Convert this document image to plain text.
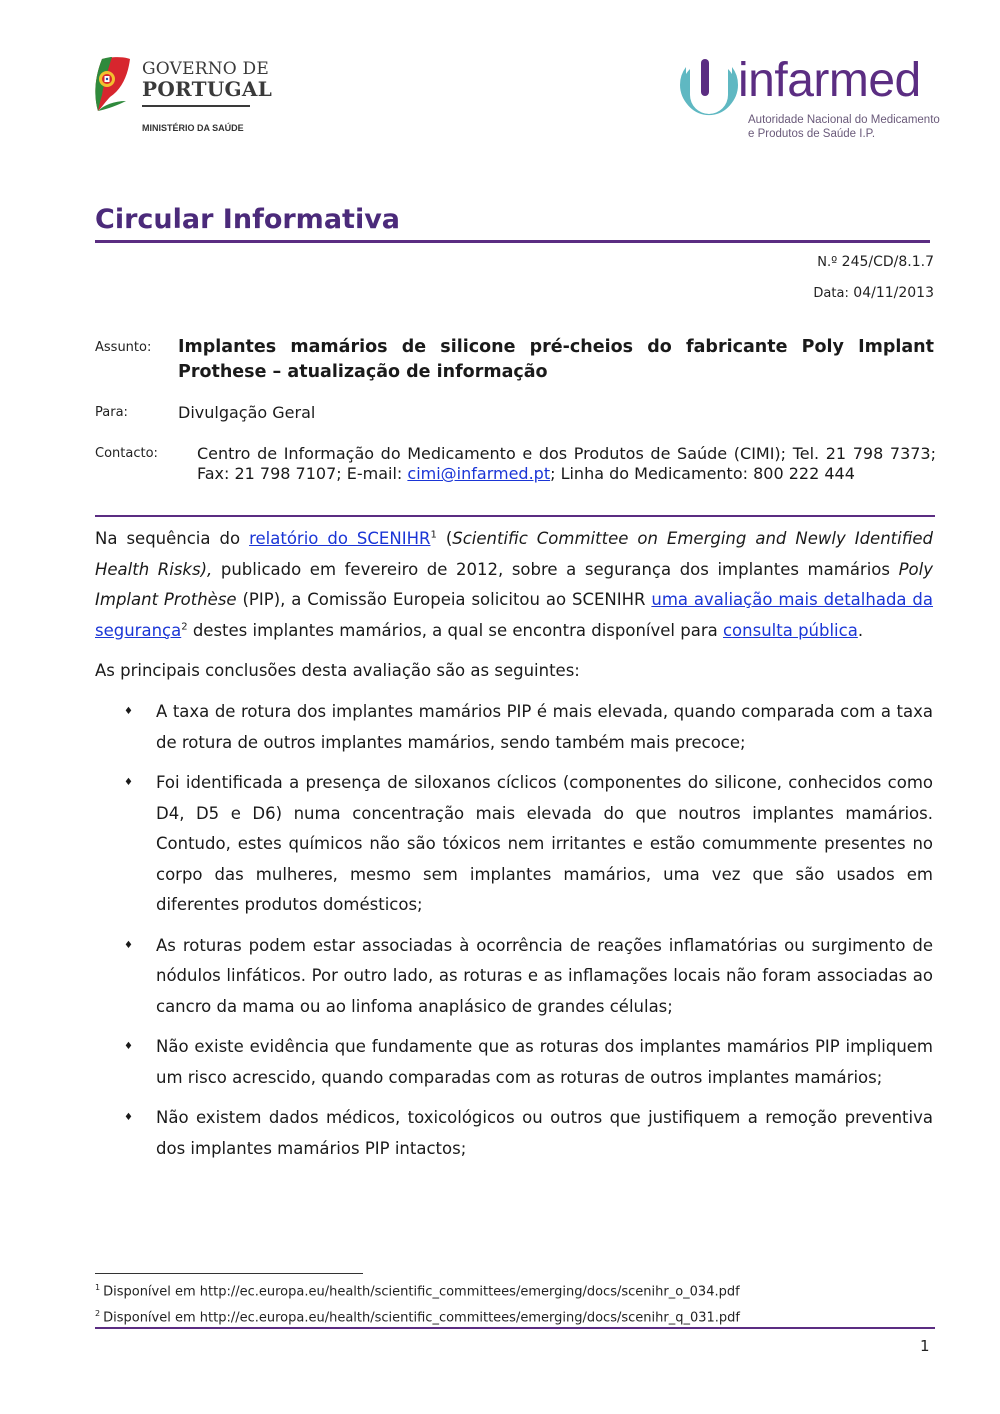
GOVERNO DE
PORTUGAL
MINISTÉRIO DA SAÚDE
infarmed
Autoridade Nacional do Medicamento
e Produtos de Saúde I.P.
Circular Informativa
N.º 245/CD/8.1.7
Data: 04/11/2013
Assunto: Implantes mamários de silicone pré-cheios do fabricante Poly Implant Prothese – atualização de informação
Para:	Divulgação Geral
Contacto: Centro de Informação do Medicamento e dos Produtos de Saúde (CIMI); Tel. 21 798 7373; Fax: 21 798 7107; E-mail: cimi@infarmed.pt; Linha do Medicamento: 800 222 444
Na sequência do relatório do SCENIHR$^1$ (Scientific Committee on Emerging and Newly Identified Health Risks), publicado em fevereiro de 2012, sobre a segurança dos implantes mamários Poly Implant Prothèse (PIP), a Comissão Europeia solicitou ao SCENIHR uma avaliação mais detalhada da segurança$^2$ destes implantes mamários, a qual se encontra disponível para consulta pública.
As principais conclusões desta avaliação são as seguintes:
♦ A taxa de rotura dos implantes mamários PIP é mais elevada, quando comparada com a taxa de rotura de outros implantes mamários, sendo também mais precoce;
♦ Foi identificada a presença de siloxanos cíclicos (componentes do silicone, conhecidos como D4, D5 e D6) numa concentração mais elevada do que noutros implantes mamários. Contudo, estes químicos não são tóxicos nem irritantes e estão comummente presentes no corpo das mulheres, mesmo sem implantes mamários, uma vez que são usados em diferentes produtos domésticos;
♦ As roturas podem estar associadas à ocorrência de reações inflamatórias ou surgimento de nódulos linfáticos. Por outro lado, as roturas e as inflamações locais não foram associadas ao cancro da mama ou ao linfoma anaplásico de grandes células;
♦ Não existe evidência que fundamente que as roturas dos implantes mamários PIP impliquem um risco acrescido, quando comparadas com as roturas de outros implantes mamários;
♦ Não existem dados médicos, toxicológicos ou outros que justifiquem a remoção preventiva dos implantes mamários PIP intactos;
$^1$ Disponível em http://ec.europa.eu/health/scientific_committees/emerging/docs/scenihr_o_034.pdf
$^2$ Disponível em http://ec.europa.eu/health/scientific_committees/emerging/docs/scenihr_q_031.pdf
1
